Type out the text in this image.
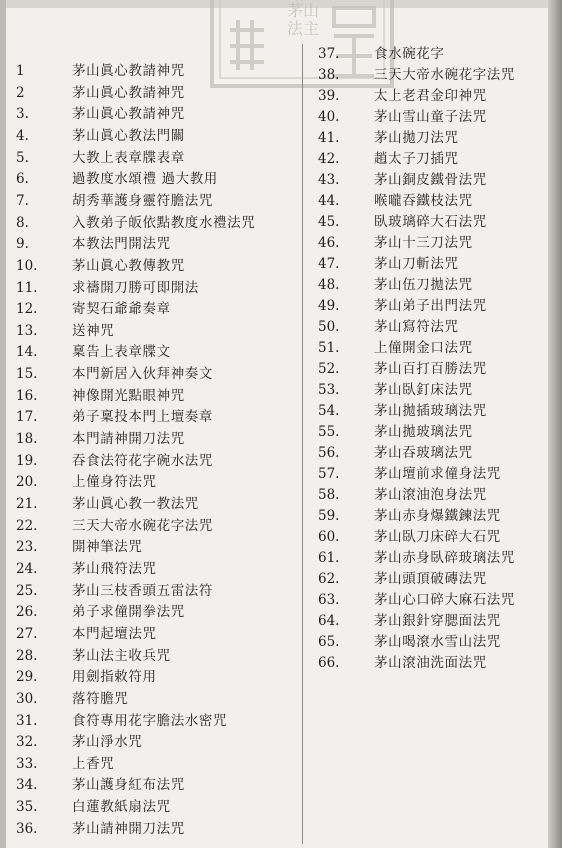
茅山法主
1	茅山眞心教請神咒
2	茅山眞心教請神咒
3.	茅山眞心教請神咒
4.	茅山眞心教法門關
5.	大教上表章牒表章
6.	過教度水頌禮 過大教用
7.	胡秀華護身靈符膽法咒
8.	入教弟子皈依點教度水禮法咒
9.	本教法門開法咒
10.	茅山眞心教傳教咒
11.	求禱開刀勝可即開法
12.	寄契石爺爺奏章
13.	送神咒
14.	稟告上表章牒文
15.	本門新居入伙拜神奏文
16.	神像開光點眼神咒
17.	弟子稟投本門上壇奏章
18.	本門請神開刀法咒
19.	吞食法符花字碗水法咒
20.	上僮身符法咒
21.	茅山眞心教一教法咒
22.	三天大帝水碗花字法咒
23.	開神筆法咒
24.	茅山飛符法咒
25.	茅山三枝香頭五雷法符
26.	弟子求僮開拳法咒
27.	本門起壇法咒
28.	茅山法主收兵咒
29.	用劍指敕符用
30.	落符膽咒
31.	食符專用花字膽法水密咒
32.	茅山淨水咒
33.	上香咒
34.	茅山護身紅布法咒
35.	白蓮教紙扇法咒
36.	茅山請神開刀法咒
37.	食水碗花字
38.	三天大帝水碗花字法咒
39.	太上老君金印神咒
40.	茅山雪山童子法咒
41.	茅山拋刀法咒
42.	趙太子刀插咒
43.	茅山銅皮鐵骨法咒
44.	喉嚨吞鐵枝法咒
45.	臥玻璃碎大石法咒
46.	茅山十三刀法咒
47.	茅山刀斬法咒
48.	茅山伍刀拋法咒
49.	茅山弟子出門法咒
50.	茅山寫符法咒
51.	上僮開金口法咒
52.	茅山百打百勝法咒
53.	茅山臥釘床法咒
54.	茅山拋插玻璃法咒
55.	茅山拋玻璃法咒
56.	茅山吞玻璃法咒
57.	茅山壇前求僮身法咒
58.	茅山滾油泡身法咒
59.	茅山赤身爆鐵鍊法咒
60.	茅山臥刀床碎大石咒
61.	茅山赤身臥碎玻璃法咒
62.	茅山頭頂破磚法咒
63.	茅山心口碎大麻石法咒
64.	茅山銀針穿腮面法咒
65.	茅山喝滾水雪山法咒
66.	茅山滾油洗面法咒
